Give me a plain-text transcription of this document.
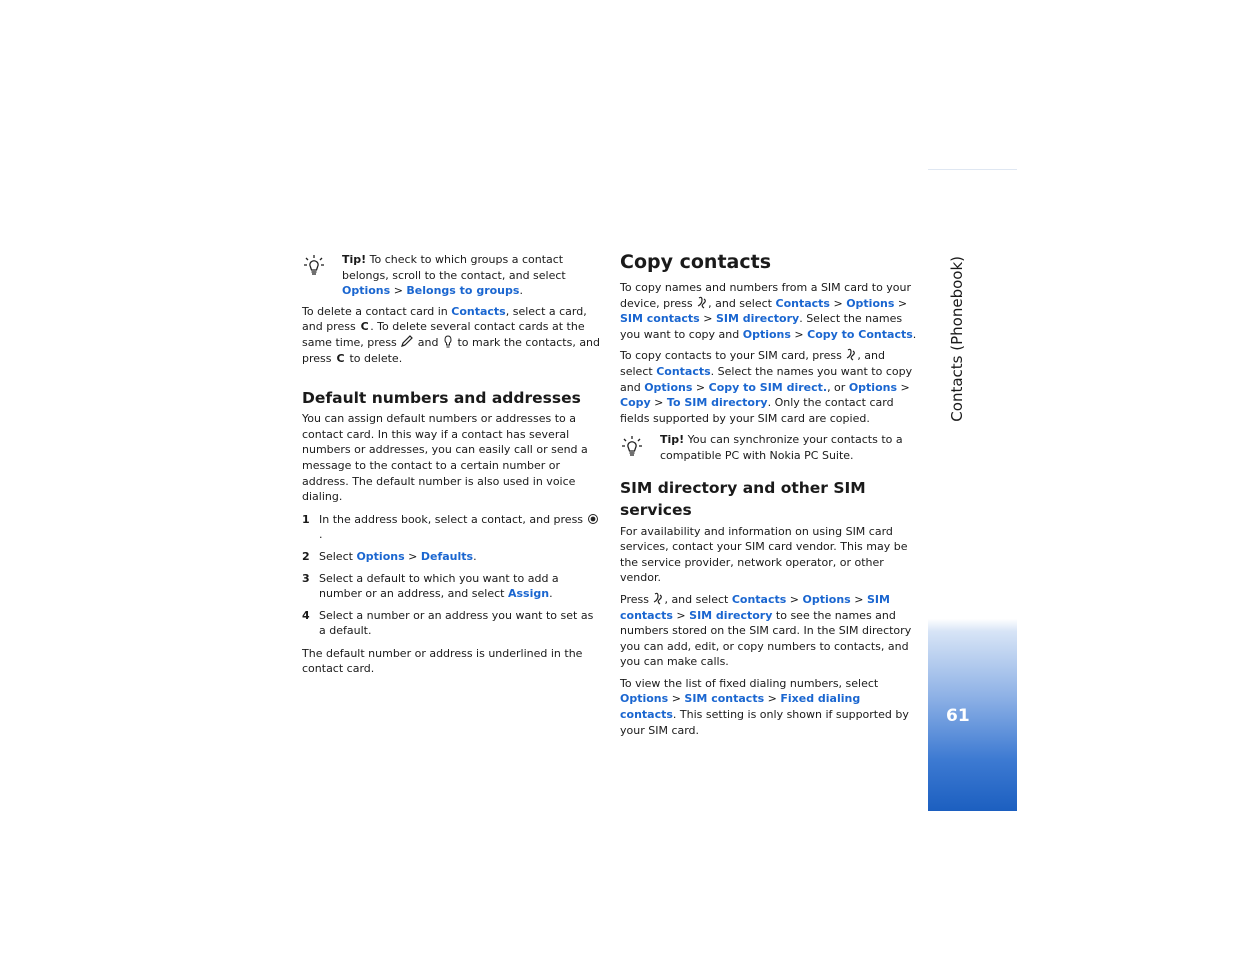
Contacts (Phonebook)
61

Tip! To check to which groups a contact belongs, scroll to the contact, and select Options > Belongs to groups.

To delete a contact card in Contacts, select a card, and press C. To delete several contact cards at the same time, press  and  to mark the contacts, and press C to delete.

Default numbers and addresses

You can assign default numbers or addresses to a contact card. In this way if a contact has several numbers or addresses, you can easily call or send a message to the contact to a certain number or address. The default number is also used in voice dialing.

1 In the address book, select a contact, and press .
2 Select Options > Defaults.
3 Select a default to which you want to add a number or an address, and select Assign.
4 Select a number or an address you want to set as a default.

The default number or address is underlined in the contact card.

Copy contacts

To copy names and numbers from a SIM card to your device, press , and select Contacts > Options > SIM contacts > SIM directory. Select the names you want to copy and Options > Copy to Contacts.

To copy contacts to your SIM card, press , and select Contacts. Select the names you want to copy and Options > Copy to SIM direct., or Options > Copy > To SIM directory. Only the contact card fields supported by your SIM card are copied.

Tip! You can synchronize your contacts to a compatible PC with Nokia PC Suite.

SIM directory and other SIM services

For availability and information on using SIM card services, contact your SIM card vendor. This may be the service provider, network operator, or other vendor.

Press , and select Contacts > Options > SIM contacts > SIM directory to see the names and numbers stored on the SIM card. In the SIM directory you can add, edit, or copy numbers to contacts, and you can make calls.

To view the list of fixed dialing numbers, select Options > SIM contacts > Fixed dialing contacts. This setting is only shown if supported by your SIM card.
